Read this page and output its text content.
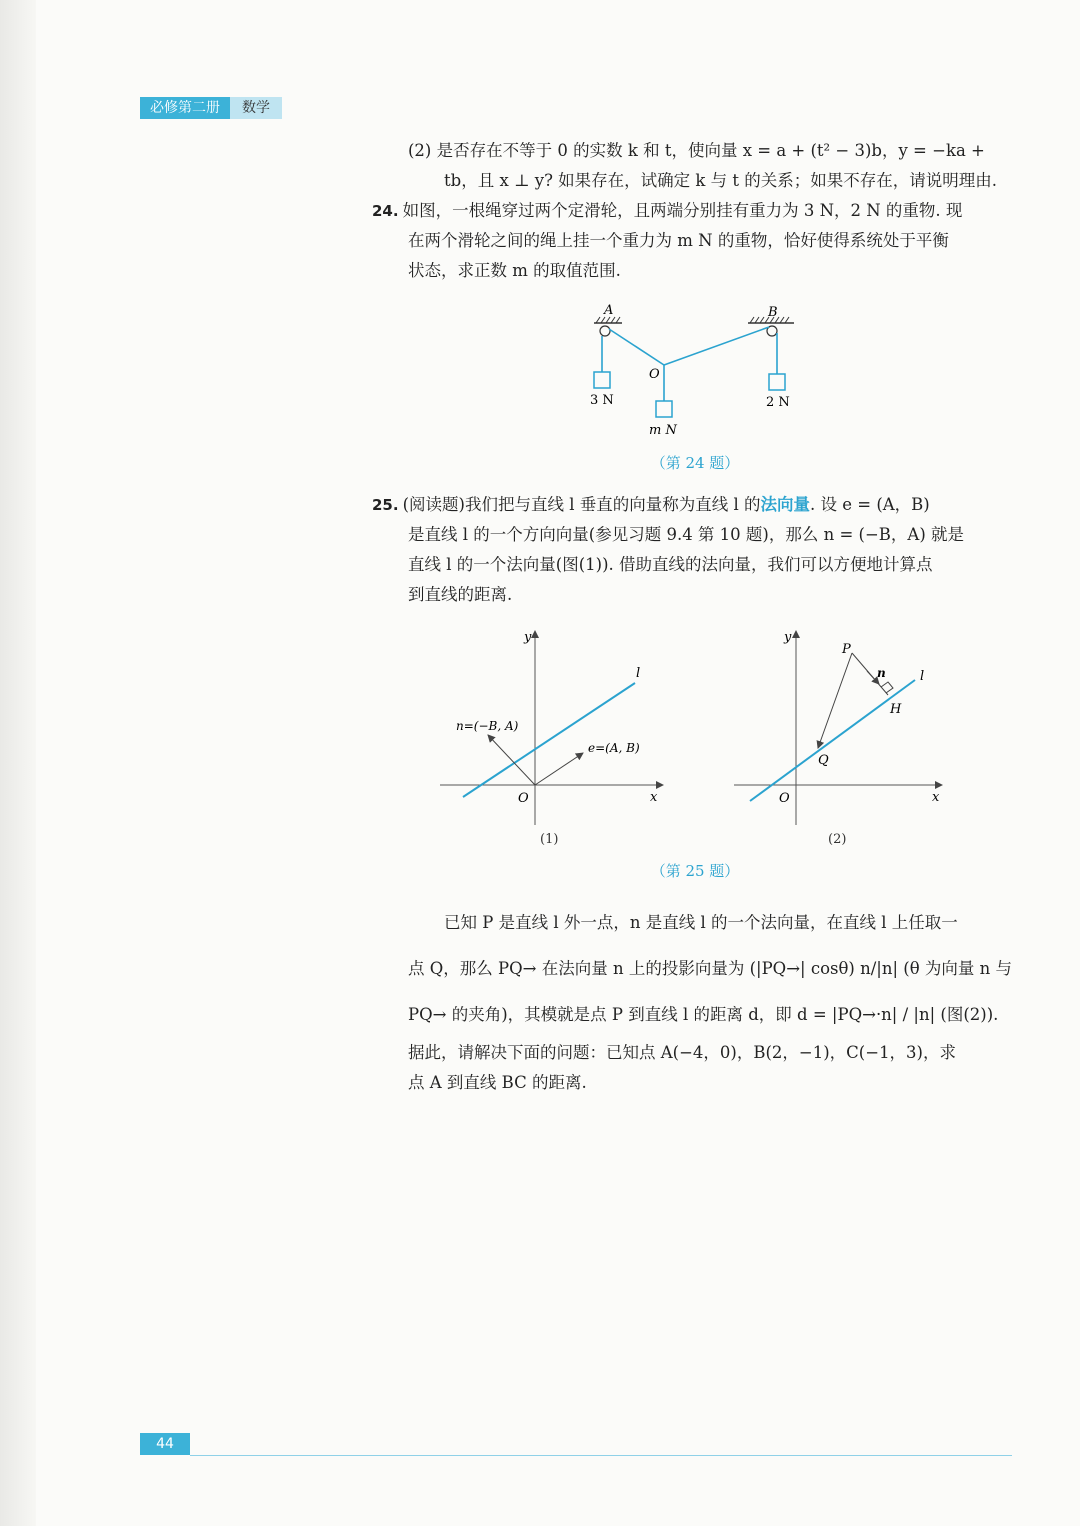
必修第二册	数学
(2) 是否存在不等于 0 的实数 k 和 t，使向量 x = a + (t² − 3)b，y = −ka +
tb，且 x ⊥ y? 如果存在，试确定 k 与 t 的关系；如果不存在，请说明理由.
24. 如图，一根绳穿过两个定滑轮，且两端分别挂有重力为 3 N，2 N 的重物. 现
在两个滑轮之间的绳上挂一个重力为 m N 的重物，恰好使得系统处于平衡
状态，求正数 m 的取值范围.
A	B
O
3 N
m N
2 N
（第 24 题）
25. (阅读题)我们把与直线 l 垂直的向量称为直线 l 的法向量. 设 e = (A，B)
是直线 l 的一个方向向量(参见习题 9.4 第 10 题)，那么 n = (−B，A) 就是
直线 l 的一个法向量(图(1)). 借助直线的法向量，我们可以方便地计算点
到直线的距离.
y
x
O
l
n=(−B, A)
e=(A, B)
(1)
y
x
O
l
P
n
H
Q
(2)
（第 25 题）
已知 P 是直线 l 外一点，n 是直线 l 的一个法向量，在直线 l 上任取一
点 Q，那么 PQ→ 在法向量 n 上的投影向量为 (|PQ→| cosθ) n/|n| (θ 为向量 n 与
PQ→ 的夹角)，其模就是点 P 到直线 l 的距离 d，即 d = |PQ→·n| / |n| (图(2)).
据此，请解决下面的问题：已知点 A(−4，0)，B(2，−1)，C(−1，3)，求
点 A 到直线 BC 的距离.
44
